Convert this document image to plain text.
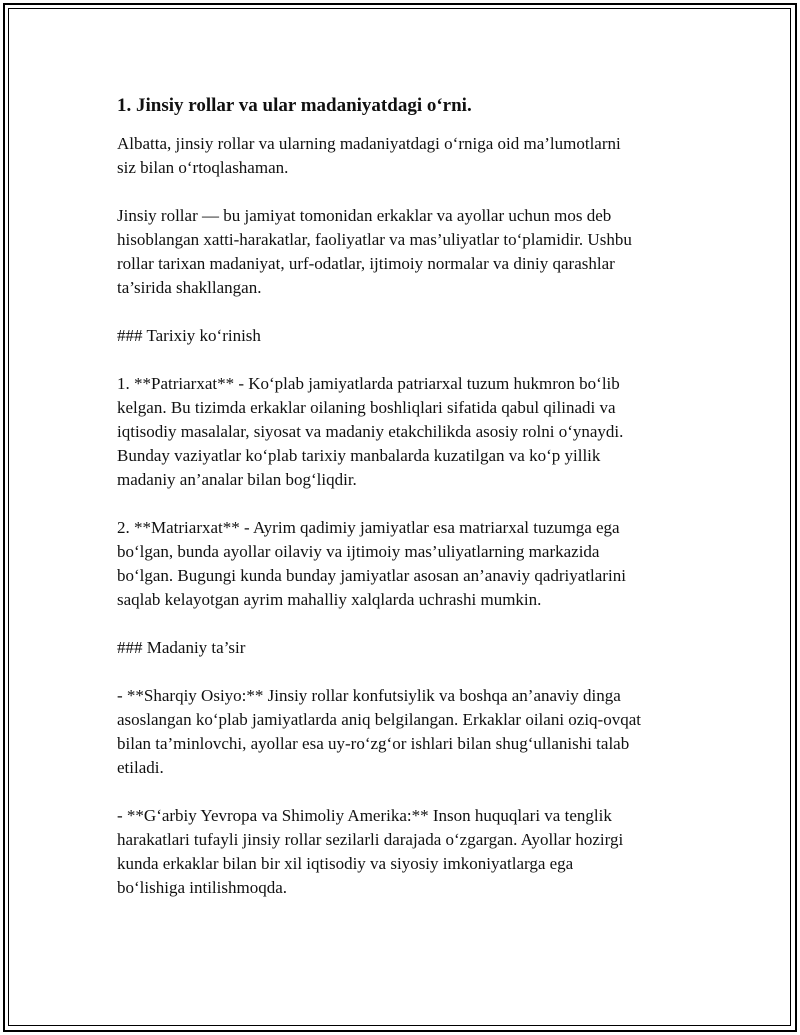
1. Jinsiy rollar va ular madaniyatdagi o‘rni.

Albatta, jinsiy rollar va ularning madaniyatdagi o‘rniga oid ma’lumotlarni
siz bilan o‘rtoqlashaman.

Jinsiy rollar — bu jamiyat tomonidan erkaklar va ayollar uchun mos deb
hisoblangan xatti-harakatlar, faoliyatlar va mas’uliyatlar to‘plamidir. Ushbu
rollar tarixan madaniyat, urf-odatlar, ijtimoiy normalar va diniy qarashlar
ta’sirida shakllangan.

### Tarixiy ko‘rinish

1. **Patriarxat** - Ko‘plab jamiyatlarda patriarxal tuzum hukmron bo‘lib
kelgan. Bu tizimda erkaklar oilaning boshliqlari sifatida qabul qilinadi va
iqtisodiy masalalar, siyosat va madaniy etakchilikda asosiy rolni o‘ynaydi.
Bunday vaziyatlar ko‘plab tarixiy manbalarda kuzatilgan va ko‘p yillik
madaniy an’analar bilan bog‘liqdir.

2. **Matriarxat** - Ayrim qadimiy jamiyatlar esa matriarxal tuzumga ega
bo‘lgan, bunda ayollar oilaviy va ijtimoiy mas’uliyatlarning markazida
bo‘lgan. Bugungi kunda bunday jamiyatlar asosan an’anaviy qadriyatlarini
saqlab kelayotgan ayrim mahalliy xalqlarda uchrashi mumkin.

### Madaniy ta’sir

- **Sharqiy Osiyo:** Jinsiy rollar konfutsiylik va boshqa an’anaviy dinga
asoslangan ko‘plab jamiyatlarda aniq belgilangan. Erkaklar oilani oziq-ovqat
bilan ta’minlovchi, ayollar esa uy-ro‘zg‘or ishlari bilan shug‘ullanishi talab
etiladi.

- **G‘arbiy Yevropa va Shimoliy Amerika:** Inson huquqlari va tenglik
harakatlari tufayli jinsiy rollar sezilarli darajada o‘zgargan. Ayollar hozirgi
kunda erkaklar bilan bir xil iqtisodiy va siyosiy imkoniyatlarga ega
bo‘lishiga intilishmoqda.
